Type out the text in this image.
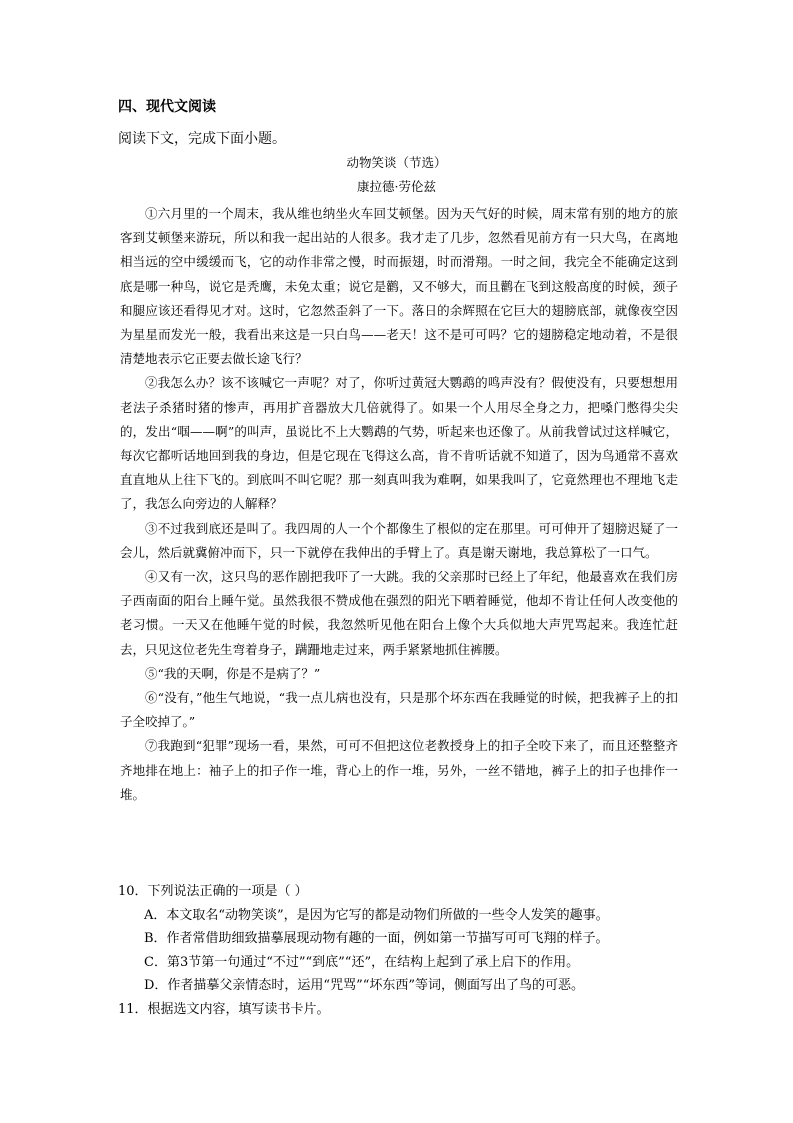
四、现代文阅读
阅读下文，完成下面小题。
动物笑谈（节选）
康拉德·劳伦兹

①六月里的一个周末，我从维也纳坐火车回艾顿堡。因为天气好的时候，周末常有别的地方的旅客到艾顿堡来游玩，所以和我一起出站的人很多。我才走了几步，忽然看见前方有一只大鸟，在离地相当远的空中缓缓而飞，它的动作非常之慢，时而振翅，时而滑翔。一时之间，我完全不能确定这到底是哪一种鸟，说它是秃鹰，未免太重；说它是鹳，又不够大，而且鹳在飞到这般高度的时候，颈子和腿应该还看得见才对。这时，它忽然歪斜了一下。落日的余辉照在它巨大的翅膀底部，就像夜空因为星星而发光一般，我看出来这是一只白鸟——老天！这不是可可吗？它的翅膀稳定地动着，不是很清楚地表示它正要去做长途飞行？

②我怎么办？该不该喊它一声呢？对了，你听过黄冠大鹦鹉的鸣声没有？假使没有，只要想想用老法子杀猪时猪的惨声，再用扩音器放大几倍就得了。如果一个人用尽全身之力，把嗓门憋得尖尖的，发出“啯——啊”的叫声，虽说比不上大鹦鹉的气势，听起来也还像了。从前我曾试过这样喊它，每次它都听话地回到我的身边，但是它现在飞得这么高，肯不肯听话就不知道了，因为鸟通常不喜欢直直地从上往下飞的。到底叫不叫它呢？那一刻真叫我为难啊，如果我叫了，它竟然理也不理地飞走了，我怎么向旁边的人解释？

③不过我到底还是叫了。我四周的人一个个都像生了根似的定在那里。可可伸开了翅膀迟疑了一会儿，然后就冀俯冲而下，只一下就停在我伸出的手臂上了。真是谢天谢地，我总算松了一口气。

④又有一次，这只鸟的恶作剧把我吓了一大跳。我的父亲那时已经上了年纪，他最喜欢在我们房子西南面的阳台上睡午觉。虽然我很不赞成他在强烈的阳光下晒着睡觉，他却不肯让任何人改变他的老习惯。一天又在他睡午觉的时候，我忽然听见他在阳台上像个大兵似地大声咒骂起来。我连忙赶去，只见这位老先生弯着身子，蹒跚地走过来，两手紧紧地抓住裤腰。

⑤“我的天啊，你是不是病了？”

⑥“没有，”他生气地说，“我一点儿病也没有，只是那个坏东西在我睡觉的时候，把我裤子上的扣子全咬掉了。”

⑦我跑到“犯罪”现场一看，果然，可可不但把这位老教授身上的扣子全咬下来了，而且还整整齐齐地排在地上：袖子上的扣子作一堆，背心上的作一堆，另外，一丝不错地，裤子上的扣子也排作一堆。

10．下列说法正确的一项是（ ）
A．本文取名“动物笑谈”，是因为它写的都是动物们所做的一些令人发笑的趣事。
B．作者常借助细致描摹展现动物有趣的一面，例如第一节描写可可飞翔的样子。
C．第3节第一句通过“不过”“到底”“还”，在结构上起到了承上启下的作用。
D．作者描摹父亲情态时，运用“咒骂”“坏东西”等词，侧面写出了鸟的可恶。
11．根据选文内容，填写读书卡片。
